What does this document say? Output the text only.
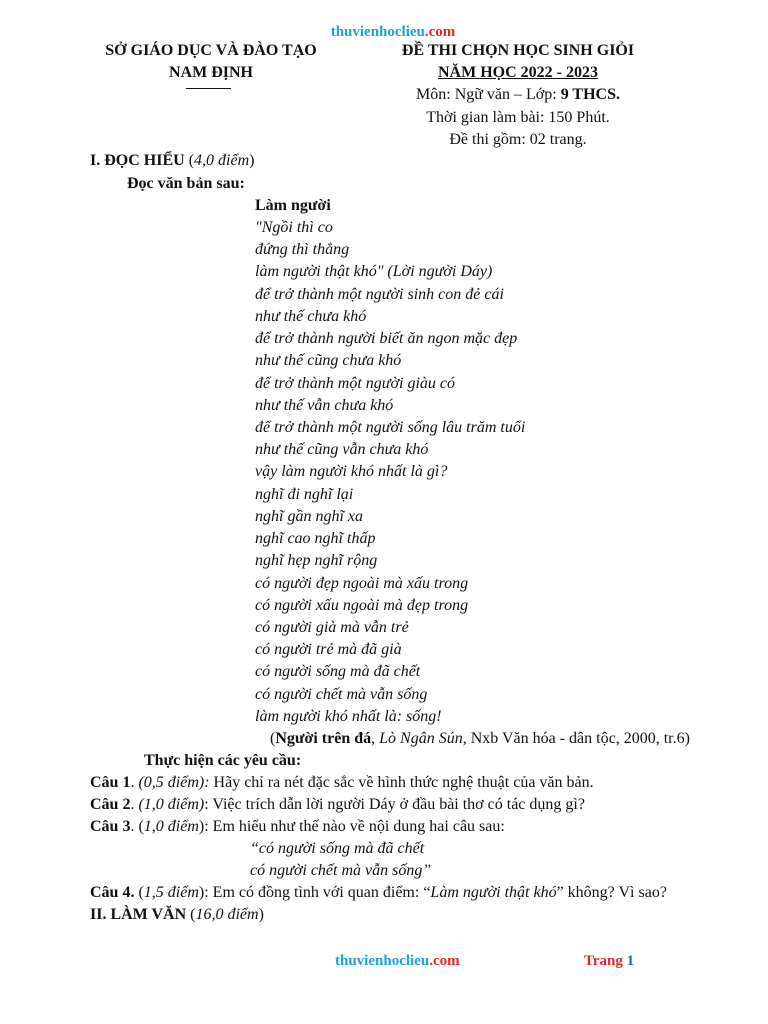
thuvienhoclieu.com
SỞ GIÁO DỤC VÀ ĐÀO TẠO
NAM ĐỊNH
ĐỀ THI CHỌN HỌC SINH GIỎI
NĂM HỌC 2022 - 2023
Môn: Ngữ văn – Lớp: 9 THCS.
Thời gian làm bài: 150 Phút.
Đề thi gồm: 02 trang.
I. ĐỌC HIỂU (4,0 điểm)
Đọc văn bản sau:
Làm người
"Ngồi thì co
đứng thì thẳng
làm người thật khó" (Lời người Dáy)
để trở thành một người sinh con đẻ cái
như thế chưa khó
để trở thành người biết ăn ngon mặc đẹp
như thế cũng chưa khó
để trở thành một người giàu có
như thế vẫn chưa khó
để trở thành một người sống lâu trăm tuổi
như thế cũng vẫn chưa khó
vậy làm người khó nhất là gì?
nghĩ đi nghĩ lại
nghĩ gần nghĩ xa
nghĩ cao nghĩ thấp
nghĩ hẹp nghĩ rộng
có người đẹp ngoài mà xấu trong
có người xấu ngoài mà đẹp trong
có người già mà vẫn trẻ
có người trẻ mà đã già
có người sống mà đã chết
có người chết mà vẫn sống
làm người khó nhất là: sống!
(Người trên đá, Lò Ngân Sún, Nxb Văn hóa - dân tộc, 2000, tr.6)
Thực hiện các yêu cầu:
Câu 1. (0,5 điểm): Hãy chỉ ra nét đặc sắc về hình thức nghệ thuật của văn bản.
Câu 2. (1,0 điểm): Việc trích dẫn lời người Dáy ở đầu bài thơ có tác dụng gì?
Câu 3. (1,0 điểm): Em hiểu như thế nào về nội dung hai câu sau:
“có người sống mà đã chết
có người chết mà vẫn sống”
Câu 4. (1,5 điểm): Em có đồng tình với quan điểm: “Làm người thật khó” không? Vì sao?
II. LÀM VĂN (16,0 điểm)
thuvienhoclieu.com	Trang 1
